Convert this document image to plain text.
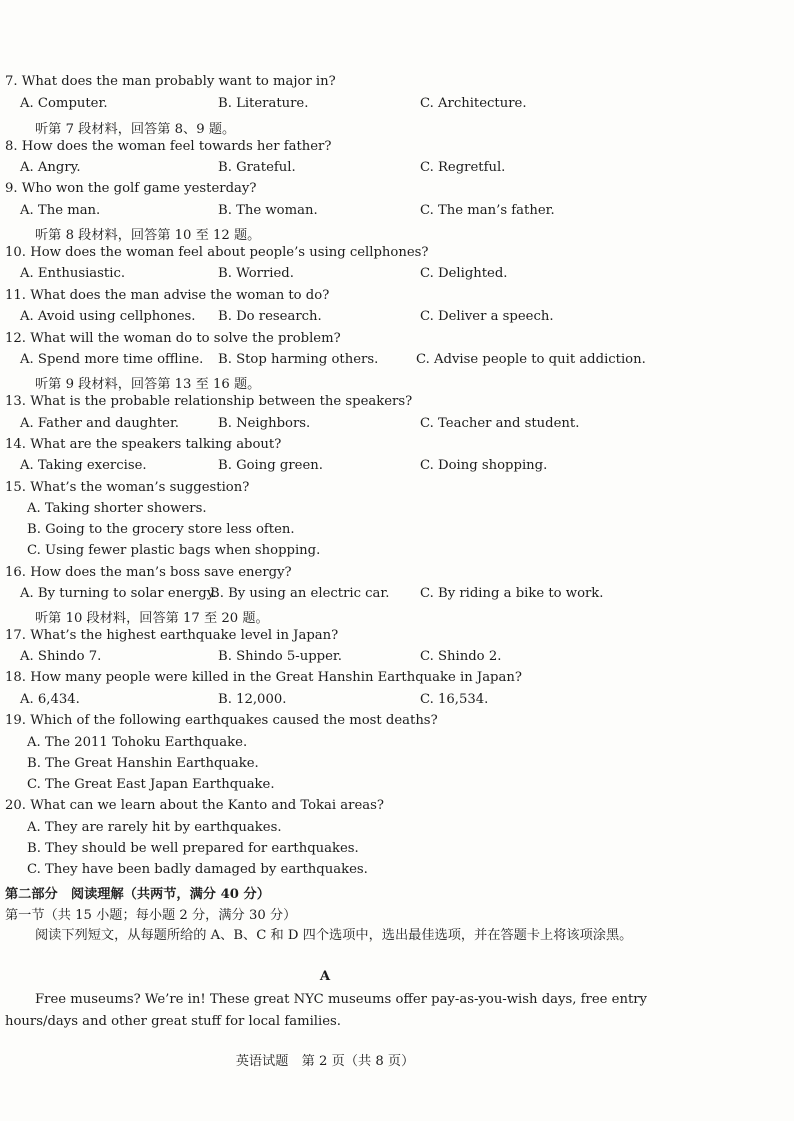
7. What does the man probably want to major in?
A. Computer.	B. Literature.	C. Architecture.
听第 7 段材料，回答第 8、9 题。
8. How does the woman feel towards her father?
A. Angry.	B. Grateful.	C. Regretful.
9. Who won the golf game yesterday?
A. The man.	B. The woman.	C. The man’s father.
听第 8 段材料，回答第 10 至 12 题。
10. How does the woman feel about people’s using cellphones?
A. Enthusiastic.	B. Worried.	C. Delighted.
11. What does the man advise the woman to do?
A. Avoid using cellphones. B. Do research.	C. Deliver a speech.
12. What will the woman do to solve the problem?
A. Spend more time offline. B. Stop harming others.	C. Advise people to quit addiction.
听第 9 段材料，回答第 13 至 16 题。
13. What is the probable relationship between the speakers?
A. Father and daughter.	B. Neighbors.	C. Teacher and student.
14. What are the speakers talking about?
A. Taking exercise.	B. Going green.	C. Doing shopping.
15. What’s the woman’s suggestion?
A. Taking shorter showers.
B. Going to the grocery store less often.
C. Using fewer plastic bags when shopping.
16. How does the man’s boss save energy?
A. By turning to solar energy.
B. By using an electric car. C. By riding a bike to work.
听第 10 段材料，回答第 17 至 20 题。
17. What’s the highest earthquake level in Japan?
A. Shindo 7.	B. Shindo 5-upper.	C. Shindo 2.
18. How many people were killed in the Great Hanshin Earthquake in Japan?
A. 6,434.	B. 12,000.	C. 16,534.
19. Which of the following earthquakes caused the most deaths?
A. The 2011 Tohoku Earthquake.
B. The Great Hanshin Earthquake.
C. The Great East Japan Earthquake.
20. What can we learn about the Kanto and Tokai areas?
A. They are rarely hit by earthquakes.
B. They should be well prepared for earthquakes.
C. They have been badly damaged by earthquakes.
第二部分　阅读理解（共两节，满分 40 分）
第一节（共 15 小题；每小题 2 分，满分 30 分）
阅读下列短文，从每题所给的 A、B、C 和 D 四个选项中，选出最佳选项，并在答题卡上将该项涂黑。
A
Free museums? We’re in! These great NYC museums offer pay-as-you-wish days, free entry hours/days and other great stuff for local families.
英语试题　第 2 页（共 8 页）
